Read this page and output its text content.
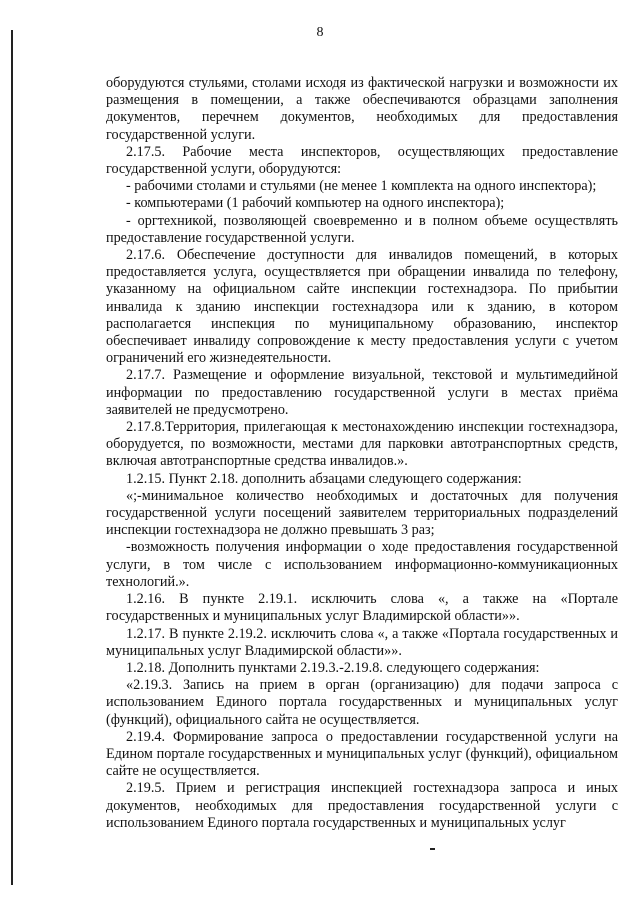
8

оборудуются стульями, столами исходя из фактической нагрузки и возможности их размещения в помещении, а также обеспечиваются образцами заполнения документов, перечнем документов, необходимых для предоставления государственной услуги.

2.17.5. Рабочие места инспекторов, осуществляющих предоставление государственной услуги, оборудуются:

- рабочими столами и стульями (не менее 1 комплекта на одного инспектора);

- компьютерами (1 рабочий компьютер на одного инспектора);

- оргтехникой, позволяющей своевременно и в полном объеме осуществлять предоставление государственной услуги.

2.17.6. Обеспечение доступности для инвалидов помещений, в которых предоставляется услуга, осуществляется при обращении инвалида по телефону, указанному на официальном сайте инспекции гостехнадзора. По прибытии инвалида к зданию инспекции гостехнадзора или к зданию, в котором располагается инспекция по муниципальному образованию, инспектор обеспечивает инвалиду сопровождение к месту предоставления услуги с учетом ограничений его жизнедеятельности.

2.17.7. Размещение и оформление визуальной, текстовой и мультимедийной информации по предоставлению государственной услуги в местах приёма заявителей не предусмотрено.

2.17.8.Территория, прилегающая к местонахождению инспекции гостехнадзора, оборудуется, по возможности, местами для парковки автотранспортных средств, включая автотранспортные средства инвалидов.».

1.2.15. Пункт 2.18. дополнить абзацами следующего содержания:

«;-минимальное количество необходимых и достаточных для получения государственной услуги посещений заявителем территориальных подразделений инспекции гостехнадзора не должно превышать 3 раз;

-возможность получения информации о ходе предоставления государственной услуги, в том числе с использованием информационно-коммуникационных технологий.».

1.2.16. В пункте 2.19.1. исключить слова «, а также на «Портале государственных и муниципальных услуг Владимирской области»».

1.2.17. В пункте 2.19.2. исключить слова «, а также «Портала государственных и муниципальных услуг Владимирской области»».

1.2.18. Дополнить пунктами 2.19.3.-2.19.8. следующего содержания:

«2.19.3. Запись на прием в орган (организацию) для подачи запроса с использованием Единого портала государственных и муниципальных услуг (функций), официального сайта не осуществляется.

2.19.4. Формирование запроса о предоставлении государственной услуги на Едином портале государственных и муниципальных услуг (функций), официальном сайте не осуществляется.

2.19.5. Прием и регистрация инспекцией гостехнадзора запроса и иных документов, необходимых для предоставления государственной услуги с использованием Единого портала государственных и муниципальных услуг
